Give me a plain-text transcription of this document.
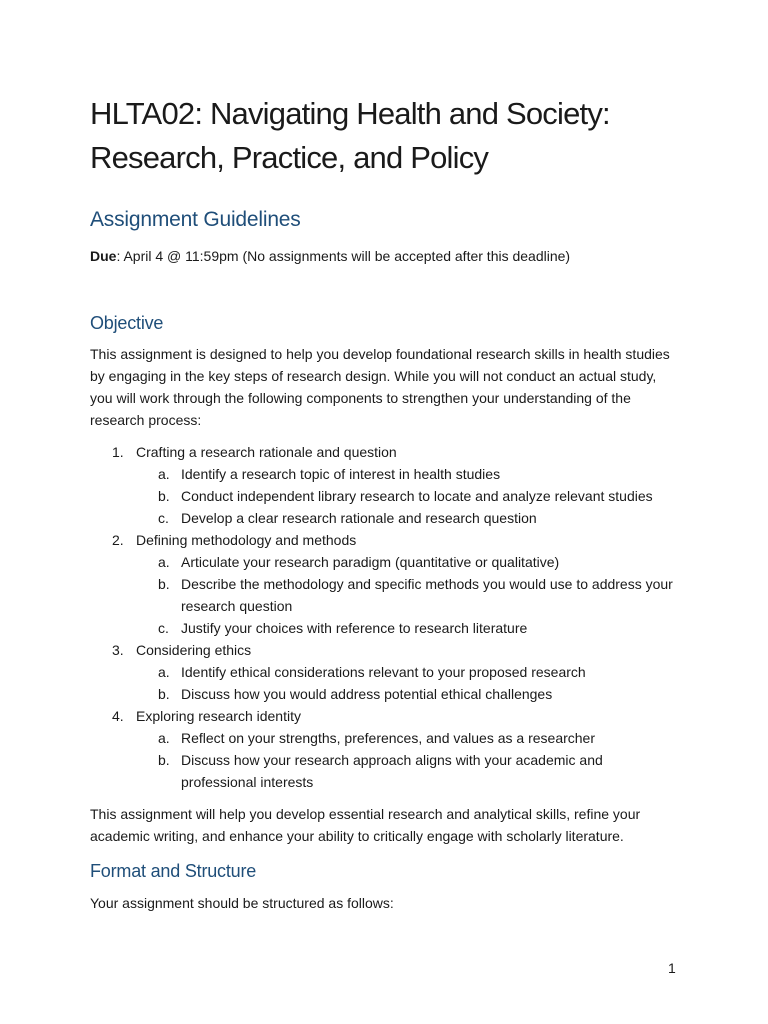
HLTA02: Navigating Health and Society: Research, Practice, and Policy
Assignment Guidelines

Due: April 4 @ 11:59pm (No assignments will be accepted after this deadline)

Objective

This assignment is designed to help you develop foundational research skills in health studies by engaging in the key steps of research design. While you will not conduct an actual study, you will work through the following components to strengthen your understanding of the research process:

1. Crafting a research rationale and question
a. Identify a research topic of interest in health studies
b. Conduct independent library research to locate and analyze relevant studies
c. Develop a clear research rationale and research question
2. Defining methodology and methods
a. Articulate your research paradigm (quantitative or qualitative)
b. Describe the methodology and specific methods you would use to address your research question
c. Justify your choices with reference to research literature
3. Considering ethics
a. Identify ethical considerations relevant to your proposed research
b. Discuss how you would address potential ethical challenges
4. Exploring research identity
a. Reflect on your strengths, preferences, and values as a researcher
b. Discuss how your research approach aligns with your academic and professional interests

This assignment will help you develop essential research and analytical skills, refine your academic writing, and enhance your ability to critically engage with scholarly literature.

Format and Structure

Your assignment should be structured as follows:

1
